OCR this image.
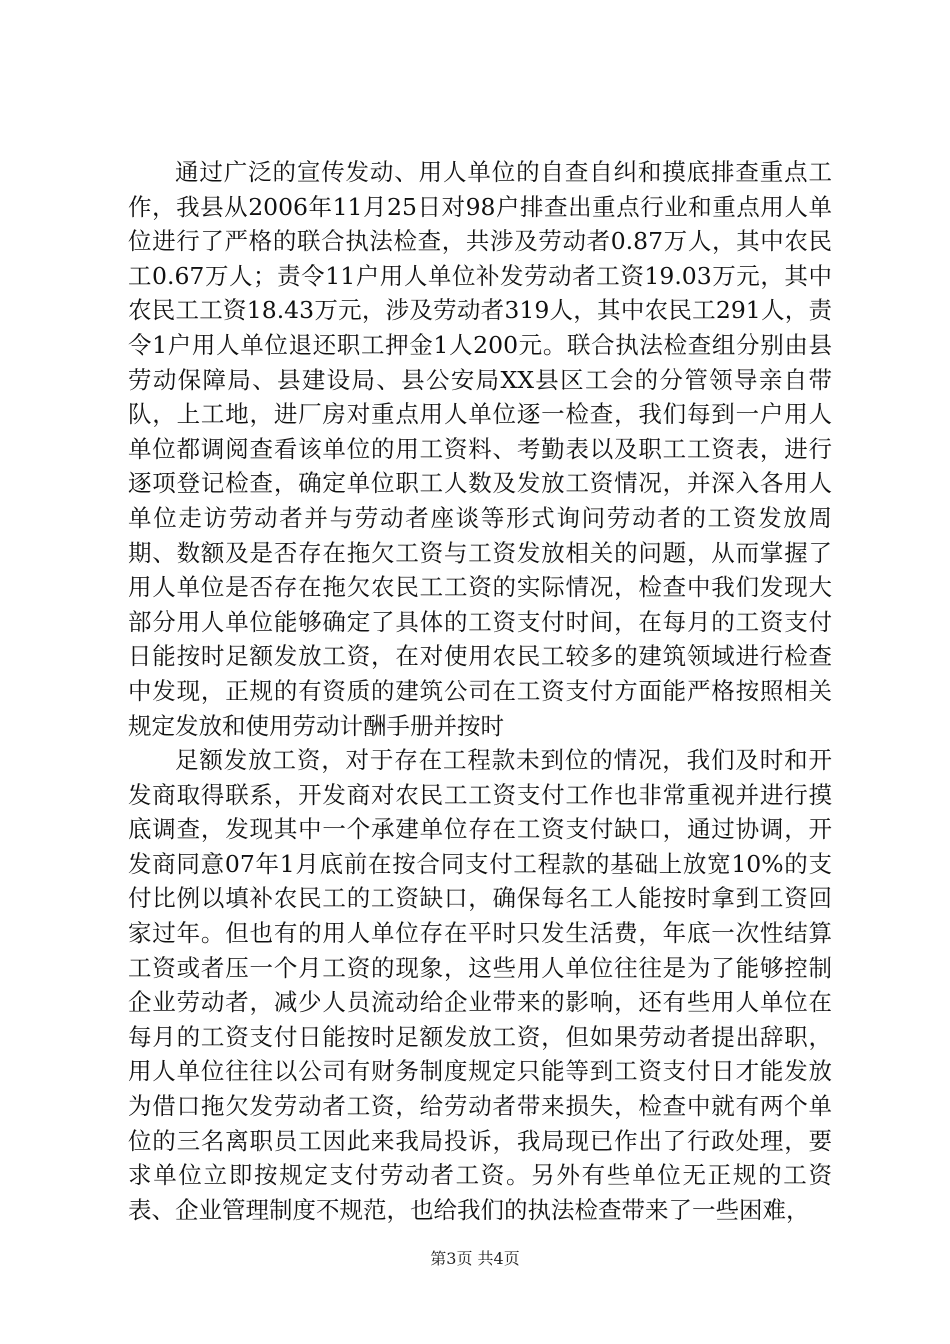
通过广泛的宣传发动、用人单位的自查自纠和摸底排查重点工作，我县从2006年11月25日对98户排查出重点行业和重点用人单位进行了严格的联合执法检查，共涉及劳动者0.87万人，其中农民工0.67万人；责令11户用人单位补发劳动者工资19.03万元，其中农民工工资18.43万元，涉及劳动者319人，其中农民工291人，责令1户用人单位退还职工押金1人200元。联合执法检查组分别由县劳动保障局、县建设局、县公安局XX县区工会的分管领导亲自带队，上工地，进厂房对重点用人单位逐一检查，我们每到一户用人单位都调阅查看该单位的用工资料、考勤表以及职工工资表，进行逐项登记检查，确定单位职工人数及发放工资情况，并深入各用人单位走访劳动者并与劳动者座谈等形式询问劳动者的工资发放周期、数额及是否存在拖欠工资与工资发放相关的问题，从而掌握了用人单位是否存在拖欠农民工工资的实际情况，检查中我们发现大部分用人单位能够确定了具体的工资支付时间，在每月的工资支付日能按时足额发放工资，在对使用农民工较多的建筑领域进行检查中发现，正规的有资质的建筑公司在工资支付方面能严格按照相关规定发放和使用劳动计酬手册并按时

足额发放工资，对于存在工程款未到位的情况，我们及时和开发商取得联系，开发商对农民工工资支付工作也非常重视并进行摸底调查，发现其中一个承建单位存在工资支付缺口，通过协调，开发商同意07年1月底前在按合同支付工程款的基础上放宽10%的支付比例以填补农民工的工资缺口，确保每名工人能按时拿到工资回家过年。但也有的用人单位存在平时只发生活费，年底一次性结算工资或者压一个月工资的现象，这些用人单位往往是为了能够控制企业劳动者，减少人员流动给企业带来的影响，还有些用人单位在每月的工资支付日能按时足额发放工资，但如果劳动者提出辞职，用人单位往往以公司有财务制度规定只能等到工资支付日才能发放为借口拖欠发劳动者工资，给劳动者带来损失，检查中就有两个单位的三名离职员工因此来我局投诉，我局现已作出了行政处理，要求单位立即按规定支付劳动者工资。另外有些单位无正规的工资表、企业管理制度不规范，也给我们的执法检查带来了一些困难，

第3页 共4页
